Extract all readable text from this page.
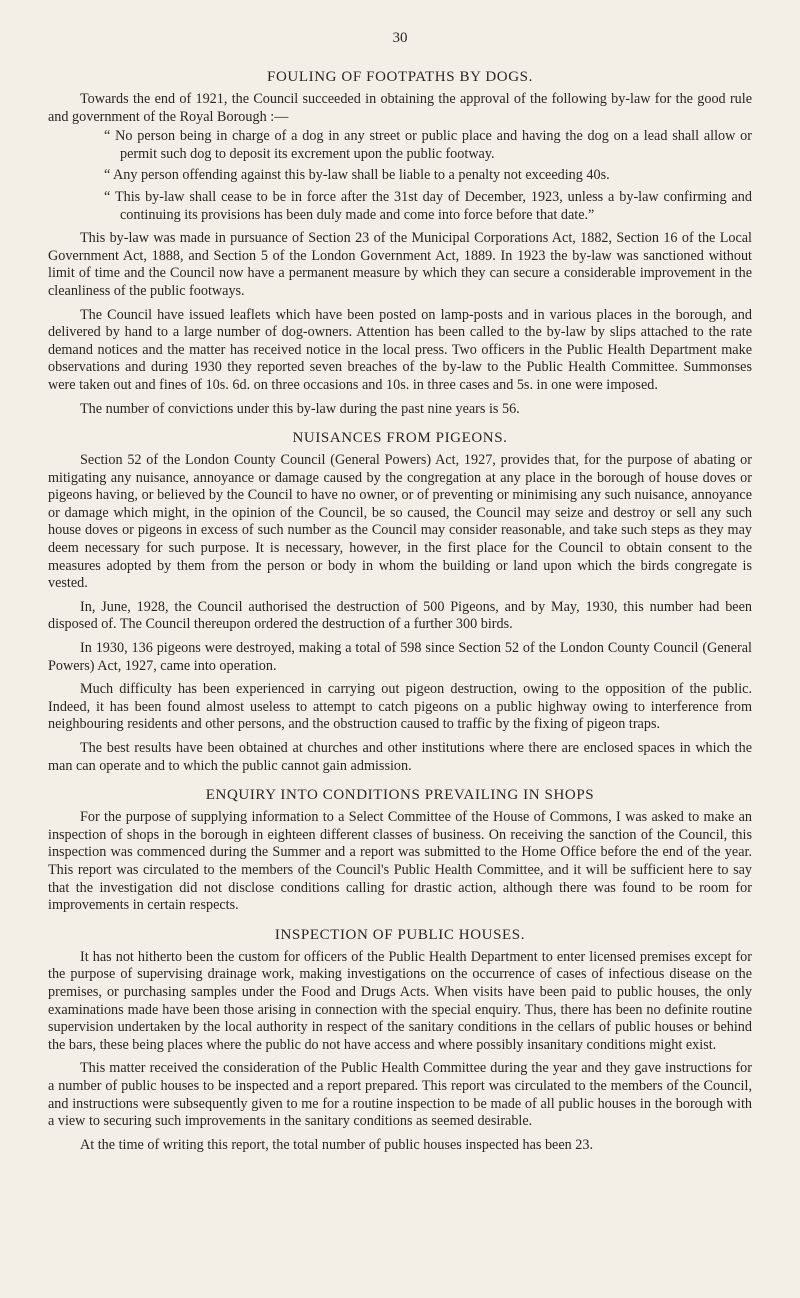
30
FOULING OF FOOTPATHS BY DOGS.

Towards the end of 1921, the Council succeeded in obtaining the approval of the following by-law for the good rule and government of the Royal Borough :—

“ No person being in charge of a dog in any street or public place and having the dog on a lead shall allow or permit such dog to deposit its excrement upon the public footway.

“ Any person offending against this by-law shall be liable to a penalty not exceeding 40s.

“ This by-law shall cease to be in force after the 31st day of December, 1923, unless a by-law confirming and continuing its provisions has been duly made and come into force before that date.”

This by-law was made in pursuance of Section 23 of the Municipal Corporations Act, 1882, Section 16 of the Local Government Act, 1888, and Section 5 of the London Government Act, 1889. In 1923 the by-law was sanctioned without limit of time and the Council now have a permanent measure by which they can secure a considerable improvement in the cleanliness of the public footways.

The Council have issued leaflets which have been posted on lamp-posts and in various places in the borough, and delivered by hand to a large number of dog-owners. Attention has been called to the by-law by slips attached to the rate demand notices and the matter has received notice in the local press. Two officers in the Public Health Department make observations and during 1930 they reported seven breaches of the by-law to the Public Health Committee. Summonses were taken out and fines of 10s. 6d. on three occasions and 10s. in three cases and 5s. in one were imposed.

The number of convictions under this by-law during the past nine years is 56.

NUISANCES FROM PIGEONS.

Section 52 of the London County Council (General Powers) Act, 1927, provides that, for the purpose of abating or mitigating any nuisance, annoyance or damage caused by the congregation at any place in the borough of house doves or pigeons having, or believed by the Council to have no owner, or of preventing or minimising any such nuisance, annoyance or damage which might, in the opinion of the Council, be so caused, the Council may seize and destroy or sell any such house doves or pigeons in excess of such number as the Council may consider reasonable, and take such steps as they may deem necessary for such purpose. It is necessary, however, in the first place for the Council to obtain consent to the measures adopted by them from the person or body in whom the building or land upon which the birds congregate is vested.

In, June, 1928, the Council authorised the destruction of 500 Pigeons, and by May, 1930, this number had been disposed of. The Council thereupon ordered the destruction of a further 300 birds.

In 1930, 136 pigeons were destroyed, making a total of 598 since Section 52 of the London County Council (General Powers) Act, 1927, came into operation.

Much difficulty has been experienced in carrying out pigeon destruction, owing to the opposition of the public. Indeed, it has been found almost useless to attempt to catch pigeons on a public highway owing to interference from neighbouring residents and other persons, and the obstruction caused to traffic by the fixing of pigeon traps.

The best results have been obtained at churches and other institutions where there are enclosed spaces in which the man can operate and to which the public cannot gain admission.

ENQUIRY INTO CONDITIONS PREVAILING IN SHOPS

For the purpose of supplying information to a Select Committee of the House of Commons, I was asked to make an inspection of shops in the borough in eighteen different classes of business. On receiving the sanction of the Council, this inspection was commenced during the Summer and a report was submitted to the Home Office before the end of the year. This report was circulated to the members of the Council's Public Health Committee, and it will be sufficient here to say that the investigation did not disclose conditions calling for drastic action, although there was found to be room for improvements in certain respects.

INSPECTION OF PUBLIC HOUSES.

It has not hitherto been the custom for officers of the Public Health Department to enter licensed premises except for the purpose of supervising drainage work, making investigations on the occurrence of cases of infectious disease on the premises, or purchasing samples under the Food and Drugs Acts. When visits have been paid to public houses, the only examinations made have been those arising in connection with the special enquiry. Thus, there has been no definite routine supervision undertaken by the local authority in respect of the sanitary conditions in the cellars of public houses or behind the bars, these being places where the public do not have access and where possibly insanitary conditions might exist.

This matter received the consideration of the Public Health Committee during the year and they gave instructions for a number of public houses to be inspected and a report prepared. This report was circulated to the members of the Council, and instructions were subsequently given to me for a routine inspection to be made of all public houses in the borough with a view to securing such improvements in the sanitary conditions as seemed desirable.

At the time of writing this report, the total number of public houses inspected has been 23.
